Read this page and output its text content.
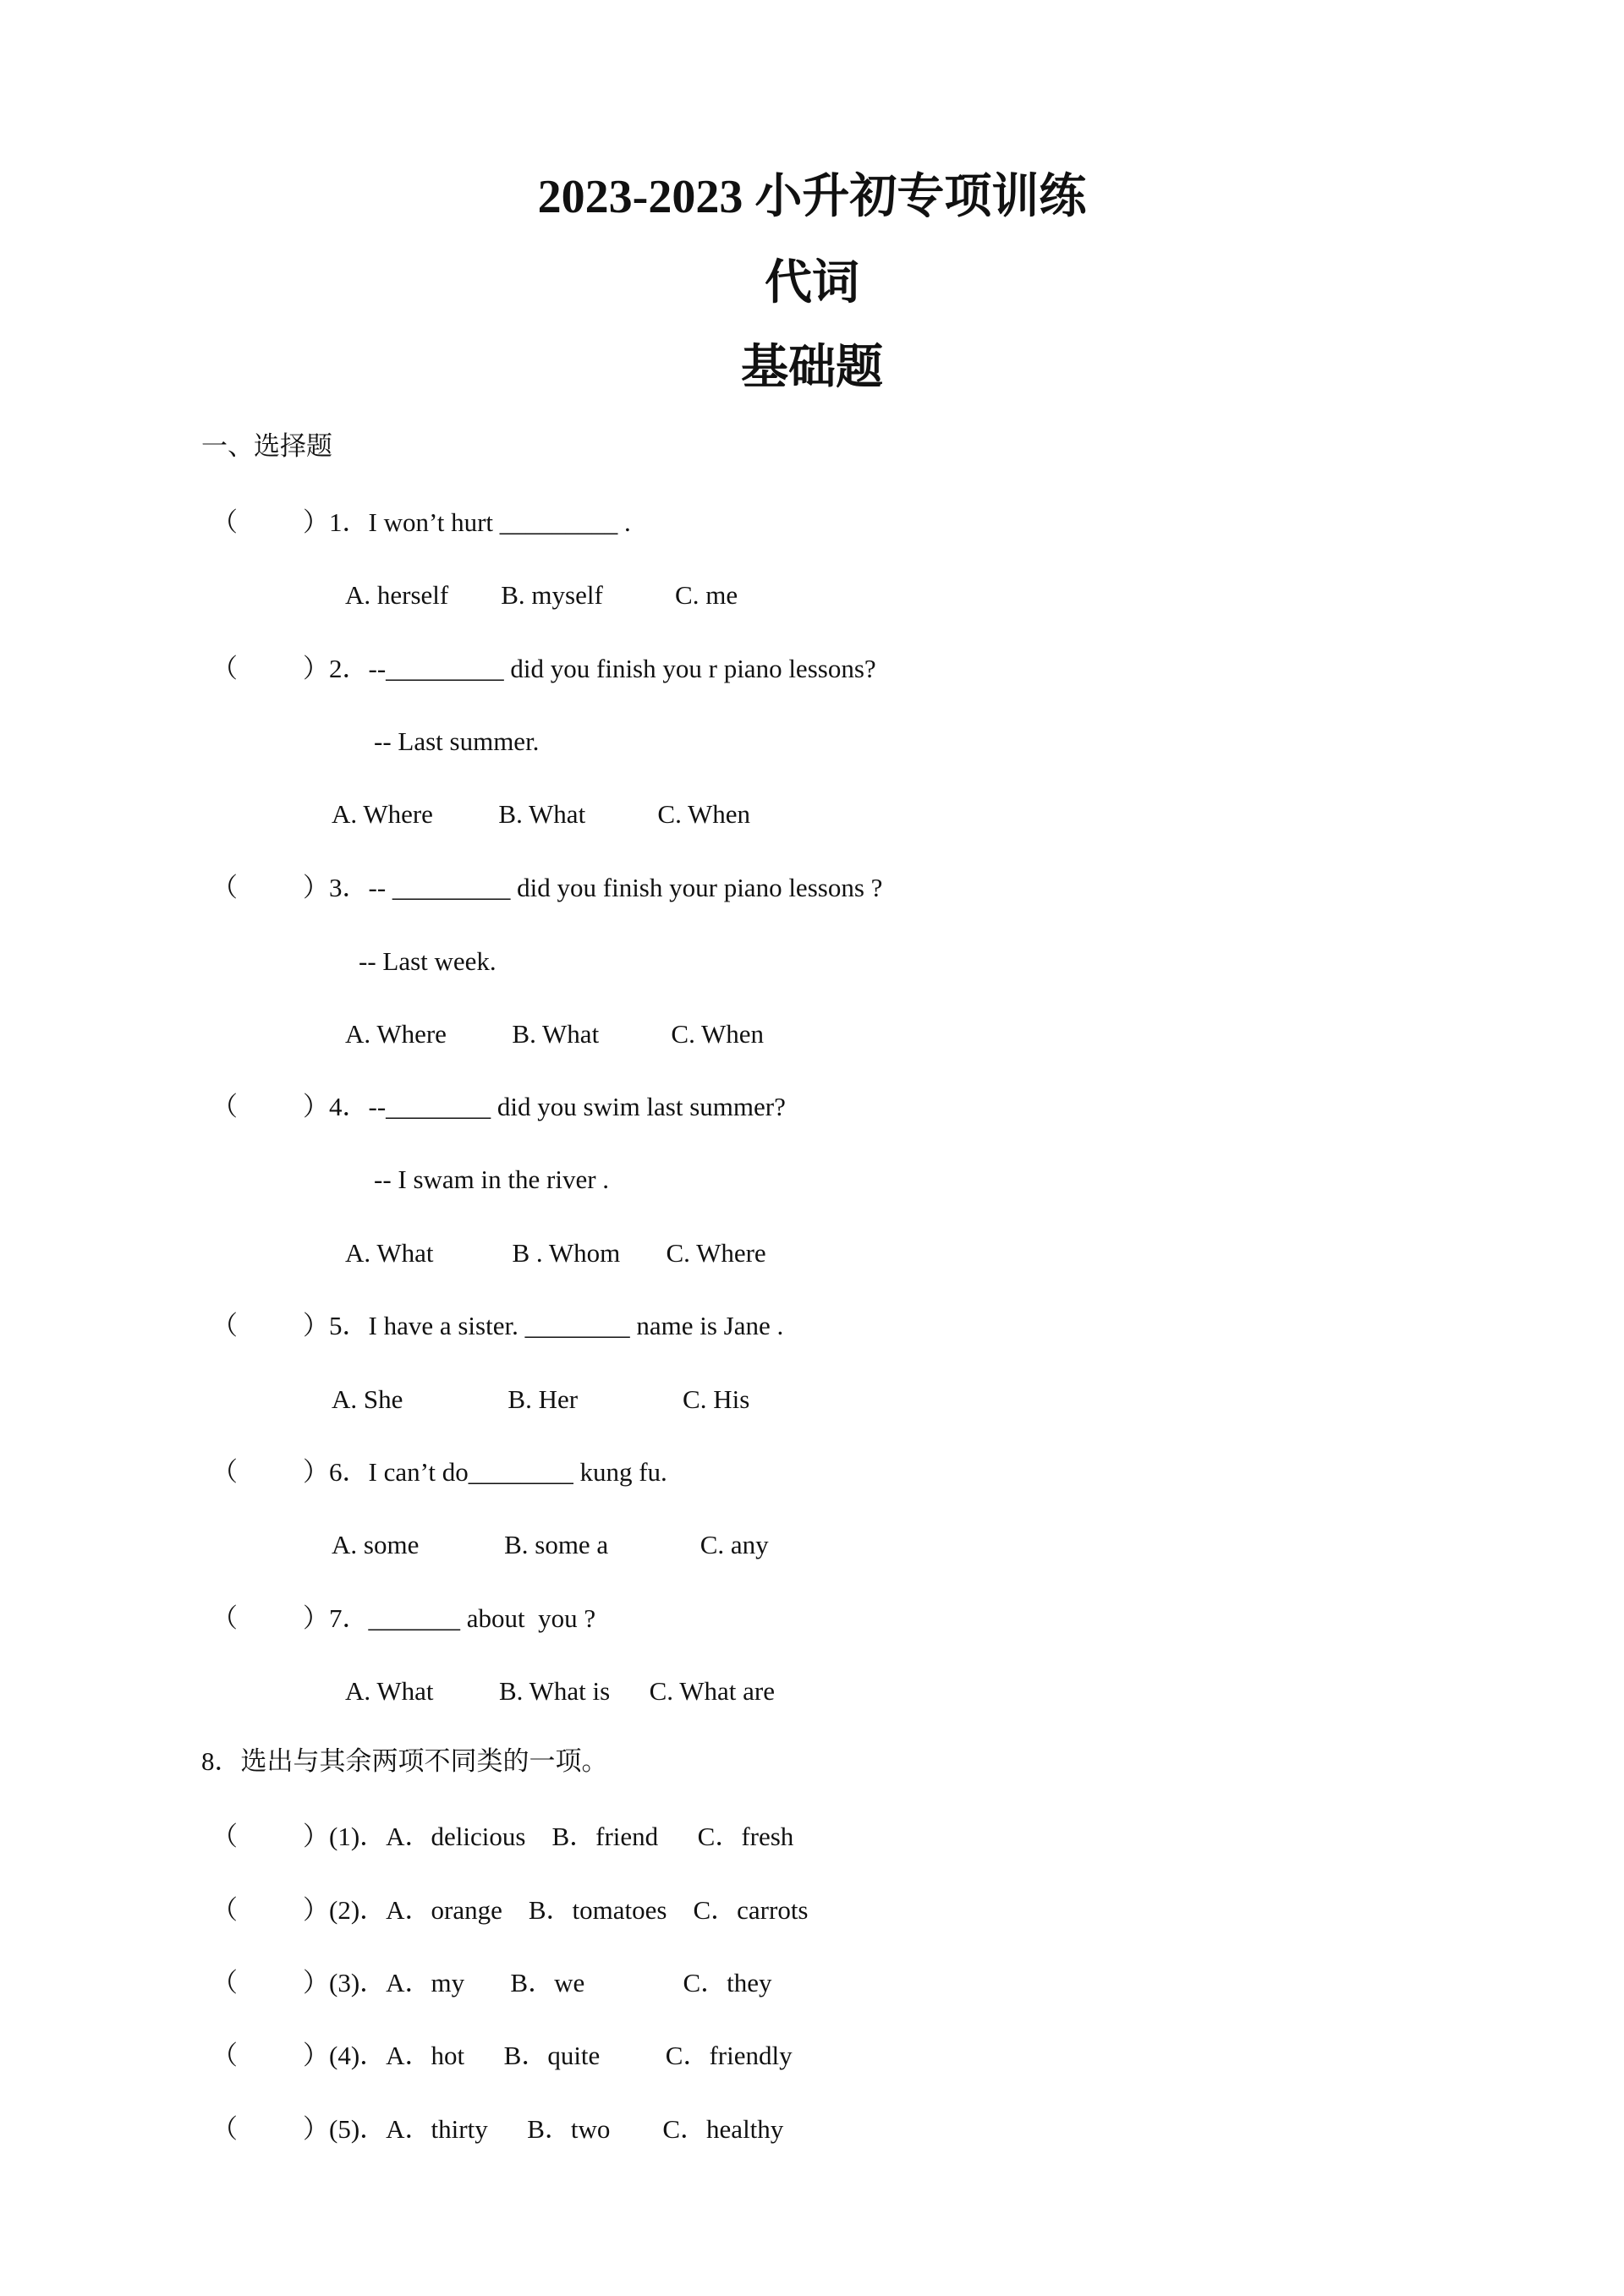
2023-2023 小升初专项训练
代词
基础题
一、选择题
（ ）1．I won’t hurt _________ .
A. herself        B. myself           C. me
（ ）2．--_________ did you finish you r piano lessons?
-- Last summer.
A. Where          B. What           C. When
（ ）3．-- _________ did you finish your piano lessons ?
-- Last week.
A. Where          B. What           C. When
（ ）4．--________ did you swim last summer?
-- I swam in the river .
A. What            B . Whom       C. Where
（ ）5．I have a sister. ________ name is Jane .
A. She                B. Her                C. His
（ ）6．I can’t do________ kung fu.
A. some             B. some a              C. any
（ ）7．_______ about  you ?
A. What          B. What is      C. What are
8．选出与其余两项不同类的一项。
（ ）(1)．A．delicious    B．friend      C．fresh
（ ）(2)．A．orange    B．tomatoes    C．carrots
（ ）(3)．A．my       B．we               C．they
（ ）(4)．A．hot      B．quite          C．friendly
（ ）(5)．A．thirty      B．two        C．healthy
